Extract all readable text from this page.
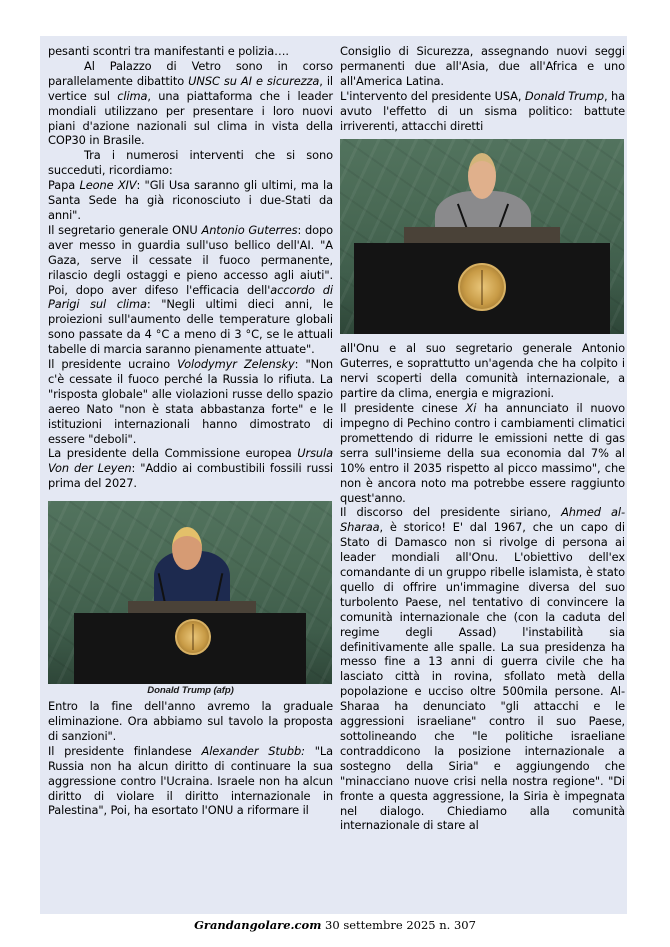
pesanti scontri tra manifestanti e polizia….

Al Palazzo di Vetro sono in corso parallelamente dibattito UNSC su AI e sicurezza, il vertice sul clima, una piattaforma che i leader mondiali utilizzano per presentare i loro nuovi piani d'azione nazionali sul clima in vista della COP30 in Brasile.

Tra i numerosi interventi che si sono succeduti, ricordiamo:

Papa Leone XIV: "Gli Usa saranno gli ultimi, ma la Santa Sede ha già riconosciuto i due-Stati da anni".

Il segretario generale ONU Antonio Guterres: dopo aver messo in guardia sull'uso bellico dell'AI. "A Gaza, serve il cessate il fuoco permanente, rilascio degli ostaggi e pieno accesso agli aiuti". Poi, dopo aver difeso l'efficacia dell'accordo di Parigi sul clima: "Negli ultimi dieci anni, le proiezioni sull'aumento delle temperature globali sono passate da 4 °C a meno di 3 °C, se le attuali tabelle di marcia saranno pienamente attuate".

Il presidente ucraino Volodymyr Zelensky: "Non c'è cessate il fuoco perché la Russia lo rifiuta. La "risposta globale" alle violazioni russe dello spazio aereo Nato "non è stata abbastanza forte" e le istituzioni internazionali hanno dimostrato di essere "deboli".

La presidente della Commissione europea Ursula Von der Leyen: "Addio ai combustibili fossili russi prima del 2027.

Donald Trump (afp)

Entro la fine dell'anno avremo la graduale eliminazione. Ora abbiamo sul tavolo la proposta di sanzioni".

Il presidente finlandese Alexander Stubb: "La Russia non ha alcun diritto di continuare la sua aggressione contro l'Ucraina. Israele non ha alcun diritto di violare il diritto internazionale in Palestina", Poi, ha esortato l'ONU a riformare il

Consiglio di Sicurezza, assegnando nuovi seggi permanenti due all'Asia, due all'Africa e uno all'America Latina.

L'intervento del presidente USA, Donald Trump, ha avuto l'effetto di un sisma politico: battute irriverenti, attacchi diretti

all'Onu e al suo segretario generale Antonio Guterres, e soprattutto un'agenda che ha colpito i nervi scoperti della comunità internazionale, a partire da clima, energia e migrazioni.

Il presidente cinese Xi ha annunciato il nuovo impegno di Pechino contro i cambiamenti climatici promettendo di ridurre le emissioni nette di gas serra sull'insieme della sua economia dal 7% al 10% entro il 2035 rispetto al picco massimo", che non è ancora noto ma potrebbe essere raggiunto quest'anno.

Il discorso del presidente siriano, Ahmed al-Sharaa, è storico! E' dal 1967, che un capo di Stato di Damasco non si rivolge di persona ai leader mondiali all'Onu. L'obiettivo dell'ex comandante di un gruppo ribelle islamista, è stato quello di offrire un'immagine diversa del suo turbolento Paese, nel tentativo di convincere la comunità internazionale che (con la caduta del regime degli Assad) l'instabilità sia definitivamente alle spalle. La sua presidenza ha messo fine a 13 anni di guerra civile che ha lasciato città in rovina, sfollato metà della popolazione e ucciso oltre 500mila persone. Al-Sharaa ha denunciato "gli attacchi e le aggressioni israeliane" contro il suo Paese, sottolineando che "le politiche israeliane contraddicono la posizione internazionale a sostegno della Siria" e aggiungendo che "minacciano nuove crisi nella nostra regione". "Di fronte a questa aggressione, la Siria è impegnata nel dialogo. Chiediamo alla comunità internazionale di stare al

Grandangolare.com 30 settembre 2025 n. 307
